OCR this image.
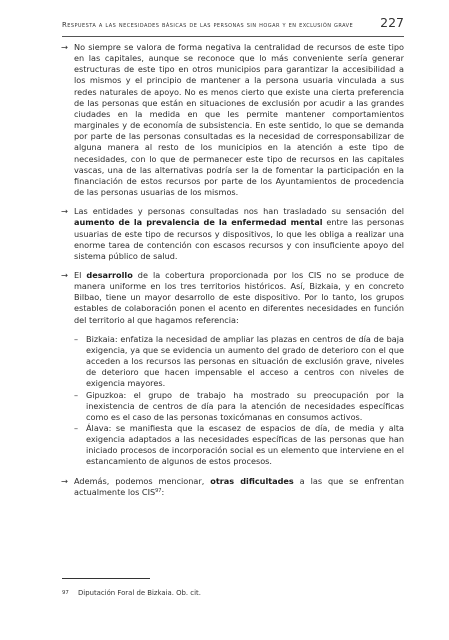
Respuesta a las necesidades básicas de las personas sin hogar y en exclusión grave 227

→ No siempre se valora de forma negativa la centralidad de recursos de este tipo en las capitales, aunque se reconoce que lo más conveniente sería generar estructuras de este tipo en otros municipios para garantizar la accesibilidad a los mismos y el principio de mantener a la persona usuaria vinculada a sus redes naturales de apoyo. No es menos cierto que existe una cierta preferencia de las personas que están en situaciones de exclusión por acudir a las grandes ciudades en la medida en que les permite mantener comportamientos marginales y de economía de subsistencia. En este sentido, lo que se demanda por parte de las personas consultadas es la necesidad de corresponsabilizar de alguna manera al resto de los municipios en la atención a este tipo de necesidades, con lo que de permanecer este tipo de recursos en las capitales vascas, una de las alternativas podría ser la de fomentar la participación en la financiación de estos recursos por parte de los Ayuntamientos de procedencia de las personas usuarias de los mismos.

→ Las entidades y personas consultadas nos han trasladado su sensación del aumento de la prevalencia de la enfermedad mental entre las personas usuarias de este tipo de recursos y dispositivos, lo que les obliga a realizar una enorme tarea de contención con escasos recursos y con insuficiente apoyo del sistema público de salud.

→ El desarrollo de la cobertura proporcionada por los CIS no se produce de manera uniforme en los tres territorios históricos. Así, Bizkaia, y en concreto Bilbao, tiene un mayor desarrollo de este dispositivo. Por lo tanto, los grupos estables de colaboración ponen el acento en diferentes necesidades en función del territorio al que hagamos referencia:

– Bizkaia: enfatiza la necesidad de ampliar las plazas en centros de día de baja exigencia, ya que se evidencia un aumento del grado de deterioro con el que acceden a los recursos las personas en situación de exclusión grave, niveles de deterioro que hacen impensable el acceso a centros con niveles de exigencia mayores.
– Gipuzkoa: el grupo de trabajo ha mostrado su preocupación por la inexistencia de centros de día para la atención de necesidades específicas como es el caso de las personas toxicómanas en consumos activos.
– Álava: se manifiesta que la escasez de espacios de día, de media y alta exigencia adaptados a las necesidades específicas de las personas que han iniciado procesos de incorporación social es un elemento que interviene en el estancamiento de algunos de estos procesos.

→ Además, podemos mencionar, otras dificultades a las que se enfrentan actualmente los CIS$^{97}$:

97 Diputación Foral de Bizkaia. Ob. cit.
